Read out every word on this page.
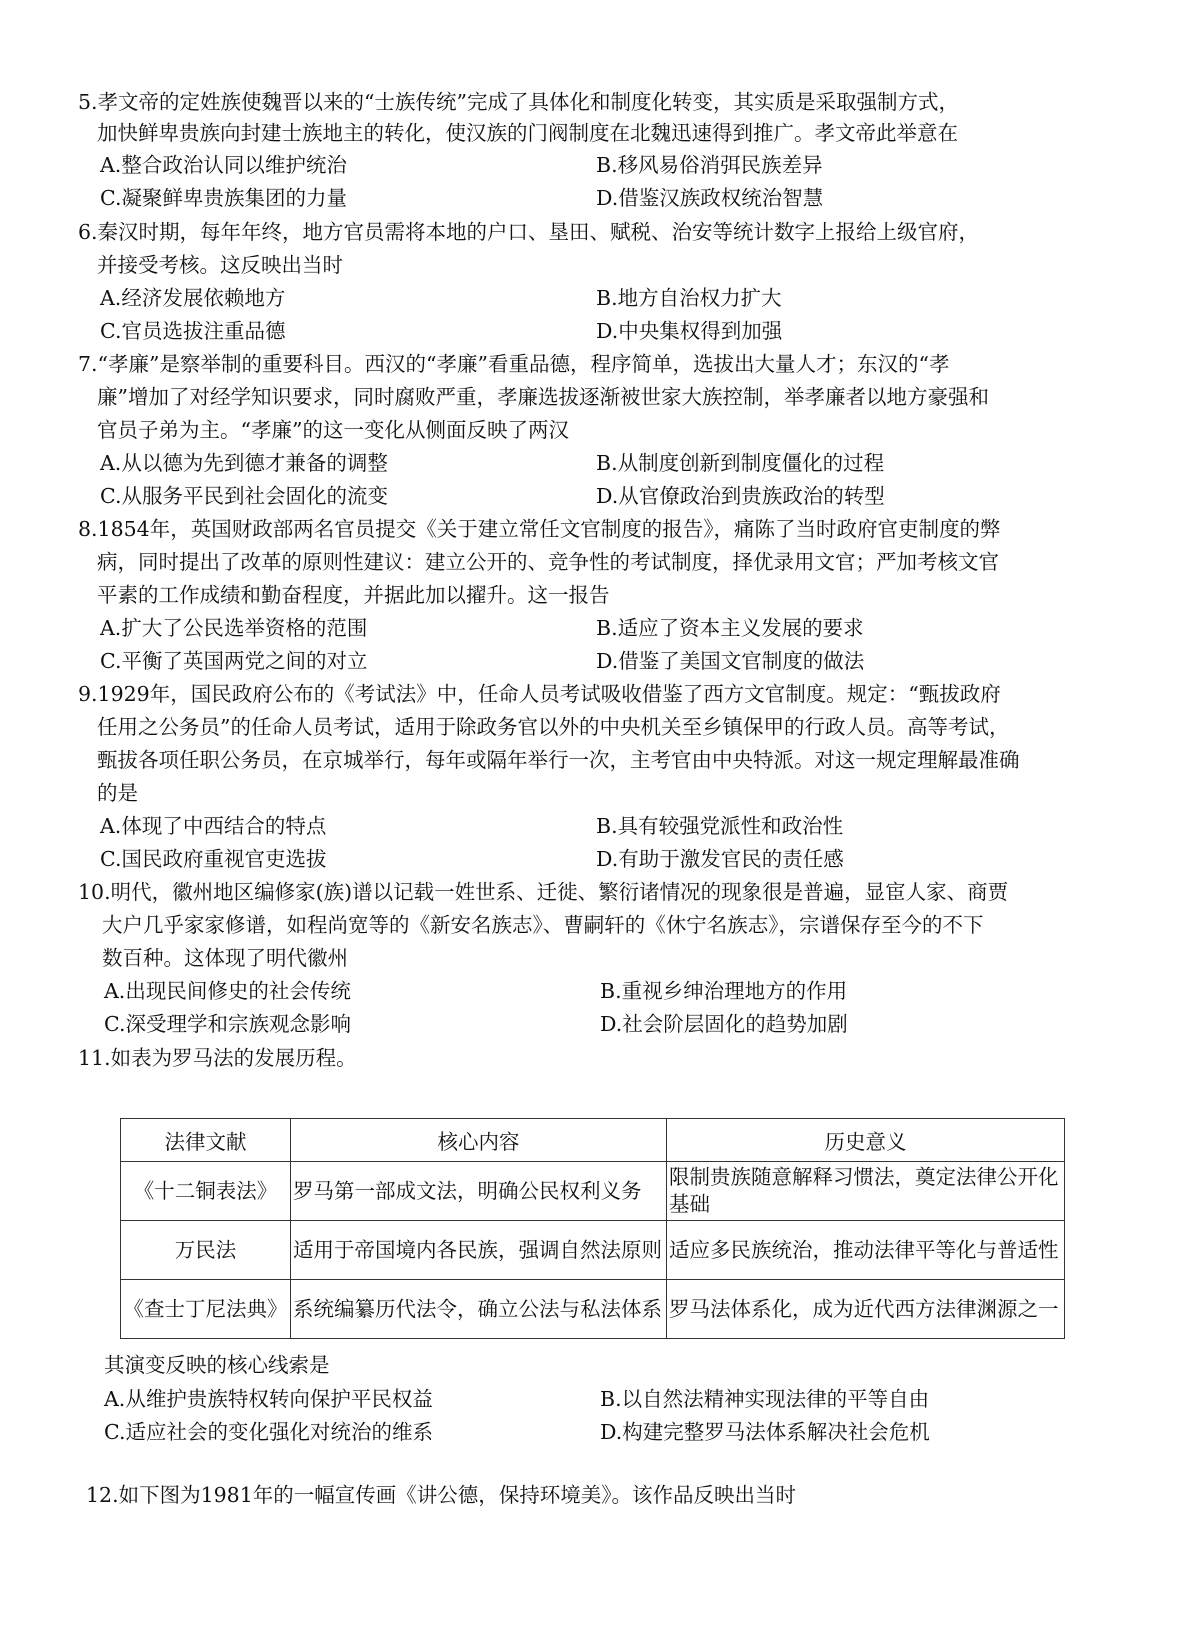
5.孝文帝的定姓族使魏晋以来的“士族传统”完成了具体化和制度化转变，其实质是采取强制方式，
加快鲜卑贵族向封建士族地主的转化，使汉族的门阀制度在北魏迅速得到推广。孝文帝此举意在
A.整合政治认同以维护统治	B.移风易俗消弭民族差异
C.凝聚鲜卑贵族集团的力量	D.借鉴汉族政权统治智慧
6.秦汉时期，每年年终，地方官员需将本地的户口、垦田、赋税、治安等统计数字上报给上级官府，
并接受考核。这反映出当时
A.经济发展依赖地方	B.地方自治权力扩大
C.官员选拔注重品德	D.中央集权得到加强
7.“孝廉”是察举制的重要科目。西汉的“孝廉”看重品德，程序简单，选拔出大量人才；东汉的“孝
廉”增加了对经学知识要求，同时腐败严重，孝廉选拔逐渐被世家大族控制，举孝廉者以地方豪强和
官员子弟为主。“孝廉”的这一变化从侧面反映了两汉
A.从以德为先到德才兼备的调整	B.从制度创新到制度僵化的过程
C.从服务平民到社会固化的流变	D.从官僚政治到贵族政治的转型
8.1854年，英国财政部两名官员提交《关于建立常任文官制度的报告》，痛陈了当时政府官吏制度的弊
病，同时提出了改革的原则性建议：建立公开的、竞争性的考试制度，择优录用文官；严加考核文官
平素的工作成绩和勤奋程度，并据此加以擢升。这一报告
A.扩大了公民选举资格的范围	B.适应了资本主义发展的要求
C.平衡了英国两党之间的对立	D.借鉴了美国文官制度的做法
9.1929年，国民政府公布的《考试法》中，任命人员考试吸收借鉴了西方文官制度。规定：“甄拔政府
任用之公务员”的任命人员考试，适用于除政务官以外的中央机关至乡镇保甲的行政人员。高等考试，
甄拔各项任职公务员，在京城举行，每年或隔年举行一次，主考官由中央特派。对这一规定理解最准确
的是
A.体现了中西结合的特点	B.具有较强党派性和政治性
C.国民政府重视官吏选拔	D.有助于激发官民的责任感
10.明代，徽州地区编修家(族)谱以记载一姓世系、迁徙、繁衍诸情况的现象很是普遍，显宦人家、商贾
大户几乎家家修谱，如程尚宽等的《新安名族志》、曹嗣轩的《休宁名族志》，宗谱保存至今的不下
数百种。这体现了明代徽州
A.出现民间修史的社会传统	B.重视乡绅治理地方的作用
C.深受理学和宗族观念影响	D.社会阶层固化的趋势加剧
11.如表为罗马法的发展历程。
法律文献	核心内容	历史意义
《十二铜表法》	罗马第一部成文法，明确公民权利义务	限制贵族随意解释习惯法，奠定法律公开化基础
万民法	适用于帝国境内各民族，强调自然法原则	适应多民族统治，推动法律平等化与普适性
《查士丁尼法典》	系统编纂历代法令，确立公法与私法体系	罗马法体系化，成为近代西方法律渊源之一
其演变反映的核心线索是
A.从维护贵族特权转向保护平民权益	B.以自然法精神实现法律的平等自由
C.适应社会的变化强化对统治的维系	D.构建完整罗马法体系解决社会危机
12.如下图为1981年的一幅宣传画《讲公德，保持环境美》。该作品反映出当时
